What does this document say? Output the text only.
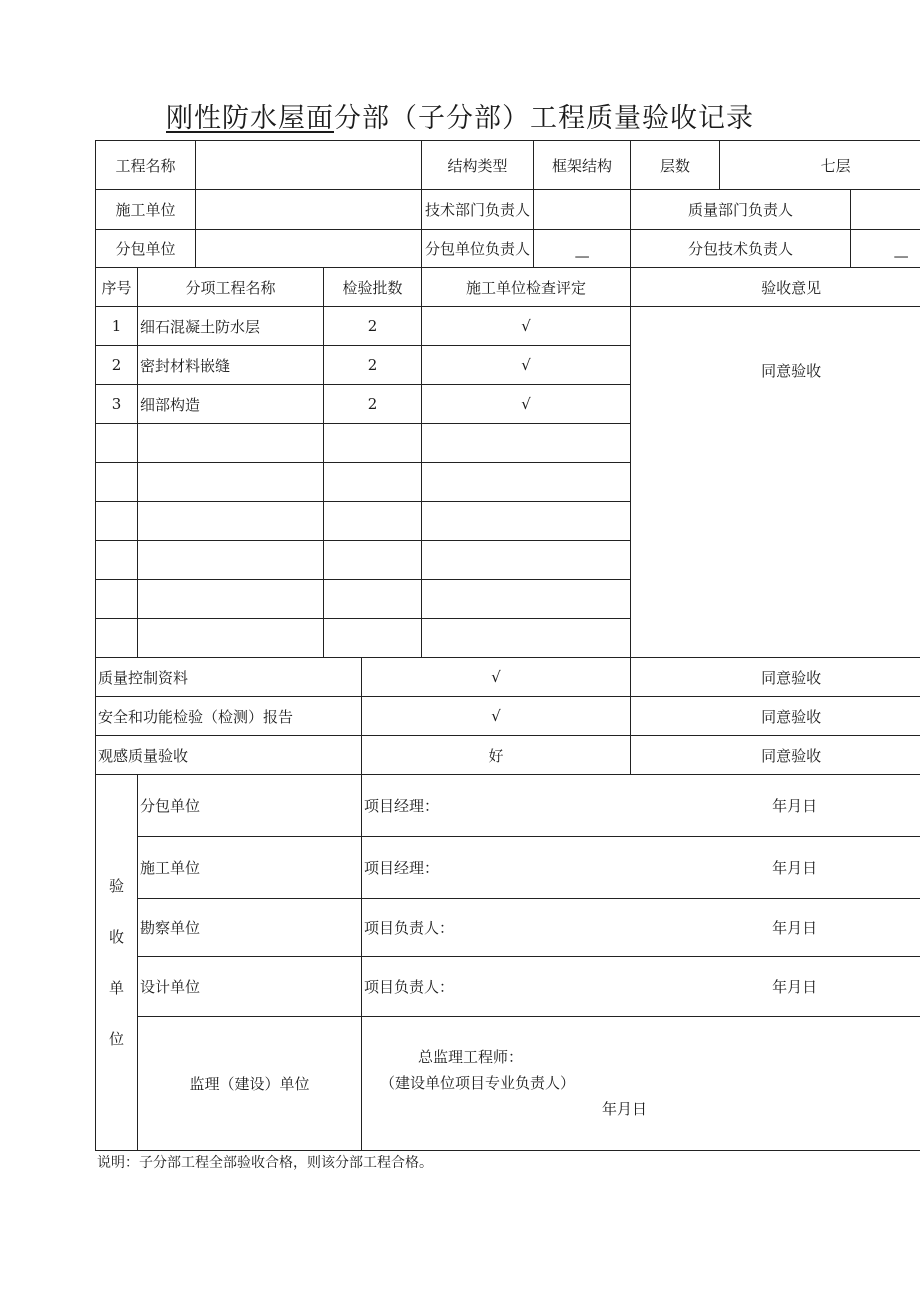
刚性防水屋面分部（子分部）工程质量验收记录
工程名称					结构类型	框架结构	层数	七层	
施工单位					技术部门负责人		质量部门负责人		
分包单位					分包单位负责人	—	分包技术负责人		—
序号	分项工程名称		检验批数		施工单位检查评定		验收意见		
1	细石混凝土防水层		2		√		同意验收		
2	密封材料嵌缝		2		√				
3	细部构造		2		√				

质量控制资料				√			同意验收		
安全和功能检验（检测）报告				√			同意验收		
观感质量验收				好			同意验收		

验
收
单
位	分包单位			项目经理： 年月日					

	施工单位			项目经理： 年月日					

	勘察单位			项目负责人： 年月日					

	设计单位			项目负责人： 年月日					

	监理（建设）单位			总监理工程师：
（建设单位项目专业负责人）
年月日					
说明：子分部工程全部验收合格，则该分部工程合格。
